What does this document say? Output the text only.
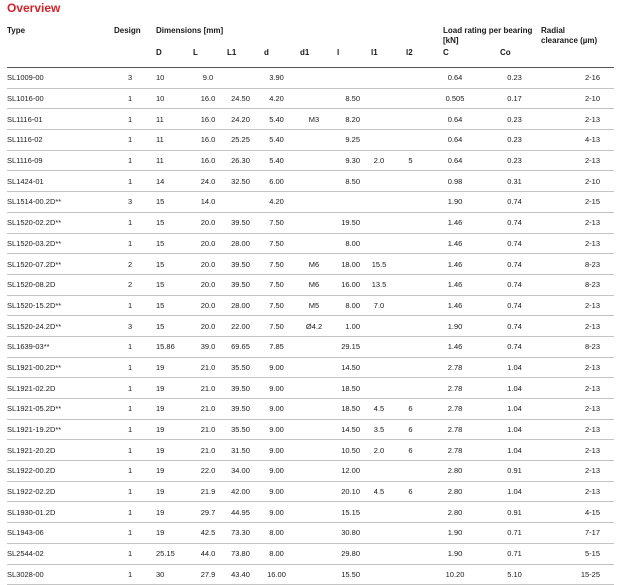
Overview
Type	Design Dimensions [mm]	Load rating per bearing [kN]
Radial clearance (µm)
D	L	L1	d	d1	l	l1	l2	C	Co
SL1009-00	3	10	9.0		3.90					0.64	0.23	2-16
SL1016-00	1	10	16.0	24.50	4.20		8.50			0.505	0.17	2-10
SL1116-01	1	11	16.0	24.20	5.40	M3	8.20			0.64	0.23	2-13
SL1116-02	1	11	16.0	25.25	5.40		9.25			0.64	0.23	4-13
SL1116-09	1	11	16.0	26.30	5.40		9.30	2.0	5	0.64	0.23	2-13
SL1424-01	1	14	24.0	32.50	6.00		8.50			0.98	0.31	2-10
SL1514-00.2D**	3	15	14.0		4.20					1.90	0.74	2-15
SL1520-02.2D**	1	15	20.0	39.50	7.50		19.50			1.46	0.74	2-13
SL1520-03.2D**	1	15	20.0	28.00	7.50		8.00			1.46	0.74	2-13
SL1520-07.2D**	2	15	20.0	39.50	7.50	M6	18.00	15.5		1.46	0.74	8-23
SL1520-08.2D	2	15	20.0	39.50	7.50	M6	16.00	13.5		1.46	0.74	8-23
SL1520-15.2D**	1	15	20.0	28.00	7.50	M5	8.00	7.0		1.46	0.74	2-13
SL1520-24.2D**	3	15	20.0	22.00	7.50	Ø4.2	1.00			1.90	0.74	2-13
SL1639-03**	1	15.86	39.0	69.65	7.85		29.15			1.46	0.74	8-23
SL1921-00.2D**	1	19	21.0	35.50	9.00		14.50			2.78	1.04	2-13
SL1921-02.2D	1	19	21.0	39.50	9.00		18.50			2.78	1.04	2-13
SL1921-05.2D**	1	19	21.0	39.50	9.00		18.50	4.5	6	2.78	1.04	2-13
SL1921-19.2D**	1	19	21.0	35.50	9.00		14.50	3.5	6	2.78	1.04	2-13
SL1921-20.2D	1	19	21.0	31.50	9.00		10.50	2.0	6	2.78	1.04	2-13
SL1922-00.2D	1	19	22.0	34.00	9.00		12.00			2.80	0.91	2-13
SL1922-02.2D	1	19	21.9	42.00	9.00		20.10	4.5	6	2.80	1.04	2-13
SL1930-01.2D	1	19	29.7	44.95	9.00		15.15			2.80	0.91	4-15
SL1943-06	1	19	42.5	73.30	8.00		30.80			1.90	0.71	7-17
SL2544-02	1	25.15	44.0	73.80	8.00		29.80			1.90	0.71	5-15
SL3028-00	1	30	27.9	43.40	16.00		15.50			10.20	5.10	15-25
